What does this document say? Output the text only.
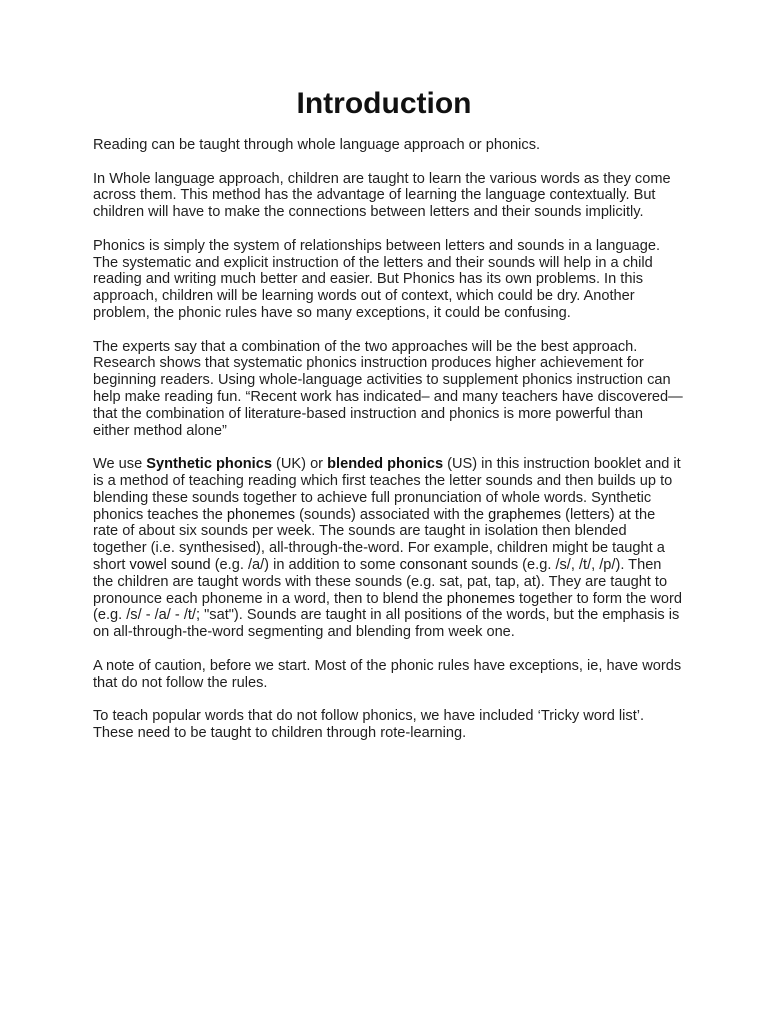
Introduction

Reading can be taught through whole language approach or phonics.

In Whole language approach, children are taught to learn the various words as they come across them. This method has the advantage of learning the language contextually. But children will have to make the connections between letters and their sounds implicitly.

Phonics is simply the system of relationships between letters and sounds in a language. The systematic and explicit instruction of the letters and their sounds will help in a child reading and writing much better and easier. But Phonics has its own problems. In this approach, children will be learning words out of context, which could be dry. Another problem, the phonic rules have so many exceptions, it could be confusing.

The experts say that a combination of the two approaches will be the best approach. Research shows that systematic phonics instruction produces higher achievement for beginning readers. Using whole-language activities to supplement phonics instruction can help make reading fun. “Recent work has indicated– and many teachers have discovered—that the combination of literature-based instruction and phonics is more powerful than either method alone”

We use Synthetic phonics (UK) or blended phonics (US) in this instruction booklet and it is a method of teaching reading which first teaches the letter sounds and then builds up to blending these sounds together to achieve full pronunciation of whole words. Synthetic phonics teaches the phonemes (sounds) associated with the graphemes (letters) at the rate of about six sounds per week. The sounds are taught in isolation then blended together (i.e. synthesised), all-through-the-word. For example, children might be taught a short vowel sound (e.g. /a/) in addition to some consonant sounds (e.g. /s/, /t/, /p/). Then the children are taught words with these sounds (e.g. sat, pat, tap, at). They are taught to pronounce each phoneme in a word, then to blend the phonemes together to form the word (e.g. /s/ - /a/ - /t/; "sat"). Sounds are taught in all positions of the words, but the emphasis is on all-through-the-word segmenting and blending from week one.

A note of caution, before we start. Most of the phonic rules have exceptions, ie, have words that do not follow the rules.

To teach popular words that do not follow phonics, we have included ‘Tricky word list’. These need to be taught to children through rote-learning.
